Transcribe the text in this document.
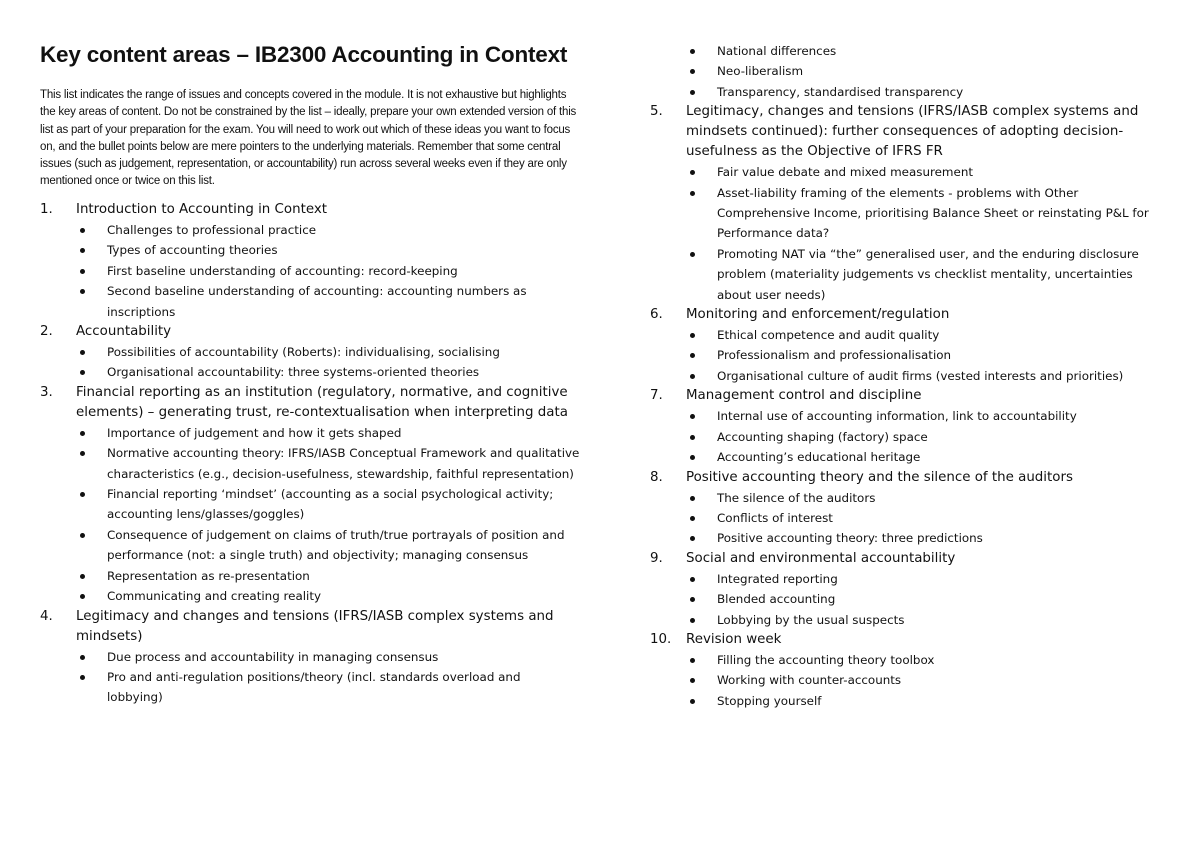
Key content areas – IB2300 Accounting in Context

This list indicates the range of issues and concepts covered in the module. It is not exhaustive but highlights the key areas of content. Do not be constrained by the list – ideally, prepare your own extended version of this list as part of your preparation for the exam. You will need to work out which of these ideas you want to focus on, and the bullet points below are mere pointers to the underlying materials. Remember that some central issues (such as judgement, representation, or accountability) run across several weeks even if they are only mentioned once or twice on this list.

1. Introduction to Accounting in Context
Challenges to professional practice
Types of accounting theories
First baseline understanding of accounting: record-keeping
Second baseline understanding of accounting: accounting numbers as inscriptions
2. Accountability
Possibilities of accountability (Roberts): individualising, socialising
Organisational accountability: three systems-oriented theories
3. Financial reporting as an institution (regulatory, normative, and cognitive elements) – generating trust, re-contextualisation when interpreting data
Importance of judgement and how it gets shaped
Normative accounting theory: IFRS/IASB Conceptual Framework and qualitative characteristics (e.g., decision-usefulness, stewardship, faithful representation)
Financial reporting ‘mindset’ (accounting as a social psychological activity; accounting lens/glasses/goggles)
Consequence of judgement on claims of truth/true portrayals of position and performance (not: a single truth) and objectivity; managing consensus
Representation as re-presentation
Communicating and creating reality
4. Legitimacy and changes and tensions (IFRS/IASB complex systems and mindsets)
Due process and accountability in managing consensus
Pro and anti-regulation positions/theory (incl. standards overload and lobbying)
National differences
Neo-liberalism
Transparency, standardised transparency
5. Legitimacy, changes and tensions (IFRS/IASB complex systems and mindsets continued): further consequences of adopting decision-usefulness as the Objective of IFRS FR
Fair value debate and mixed measurement
Asset-liability framing of the elements - problems with Other Comprehensive Income, prioritising Balance Sheet or reinstating P&L for Performance data?
Promoting NAT via “the” generalised user, and the enduring disclosure problem (materiality judgements vs checklist mentality, uncertainties about user needs)
6. Monitoring and enforcement/regulation
Ethical competence and audit quality
Professionalism and professionalisation
Organisational culture of audit firms (vested interests and priorities)
7. Management control and discipline
Internal use of accounting information, link to accountability
Accounting shaping (factory) space
Accounting’s educational heritage
8. Positive accounting theory and the silence of the auditors
The silence of the auditors
Conflicts of interest
Positive accounting theory: three predictions
9. Social and environmental accountability
Integrated reporting
Blended accounting
Lobbying by the usual suspects
10. Revision week
Filling the accounting theory toolbox
Working with counter-accounts
Stopping yourself
